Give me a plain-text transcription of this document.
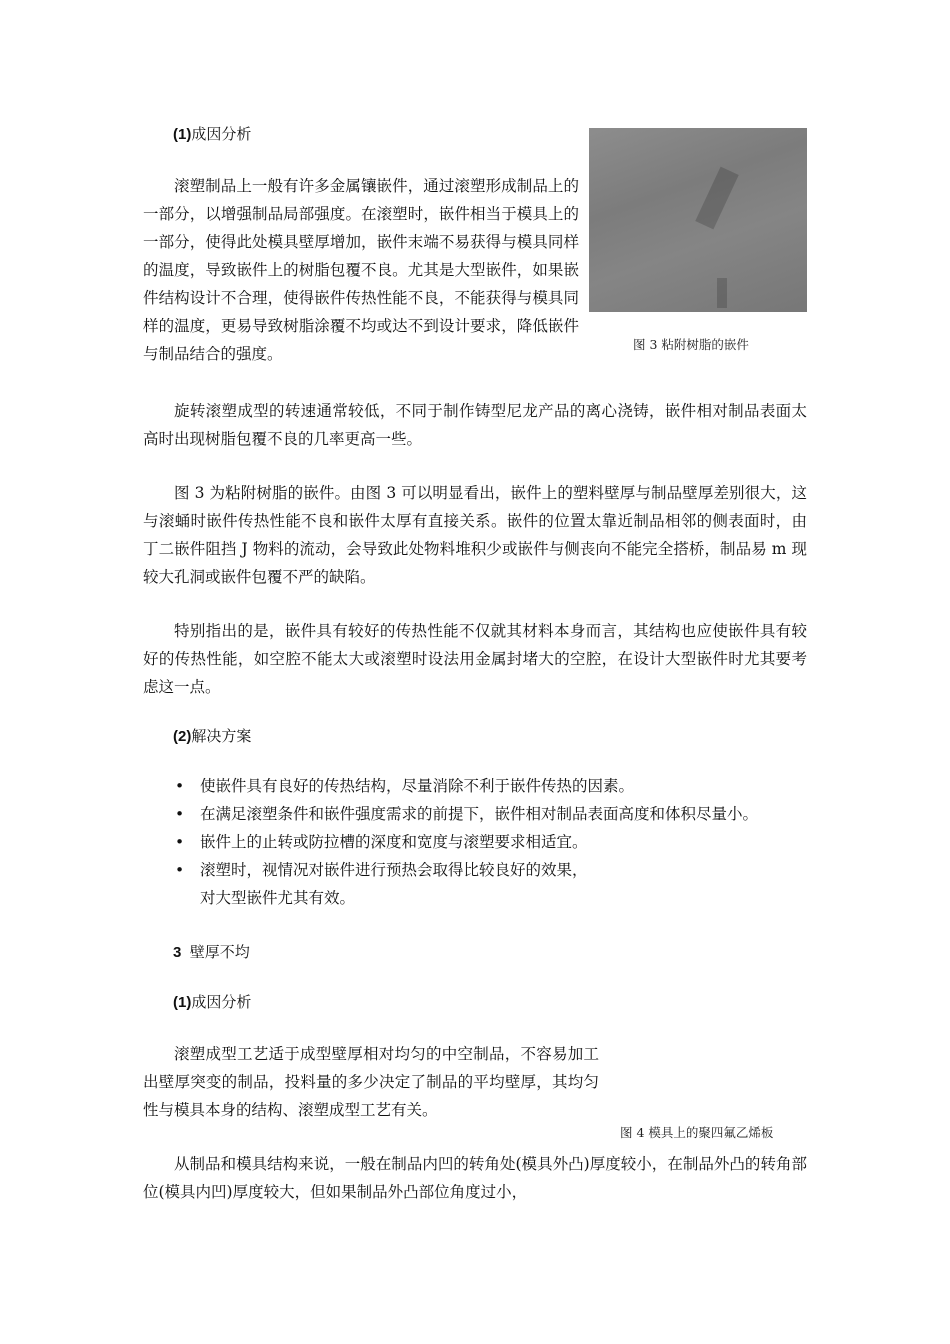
(1)成因分析

滚塑制品上一般有许多金属镶嵌件，通过滚塑形成制品上的一部分，以增强制品局部强度。在滚塑时，嵌件相当于模具上的一部分，使得此处模具壁厚增加，嵌件末端不易获得与模具同样的温度，导致嵌件上的树脂包覆不良。尤其是大型嵌件，如果嵌件结构设计不合理，使得嵌件传热性能不良，不能获得与模具同样的温度，更易导致树脂涂覆不均或达不到设计要求，降低嵌件与制品结合的强度。

图 3 粘附树脂的嵌件

旋转滚塑成型的转速通常较低，不同于制作铸型尼龙产品的离心浇铸，嵌件相对制品表面太高时出现树脂包覆不良的几率更高一些。

图 3 为粘附树脂的嵌件。由图 3 可以明显看出，嵌件上的塑料壁厚与制品壁厚差别很大，这与滚蛹时嵌件传热性能不良和嵌件太厚有直接关系。嵌件的位置太靠近制品相邻的侧表面时，由丁二嵌件阻挡 J 物料的流动，会导致此处物料堆积少或嵌件与侧丧向不能完全搭桥，制品易 m 现较大孔洞或嵌件包覆不严的缺陷。

特别指出的是，嵌件具有较好的传热性能不仅就其材料本身而言，其结构也应使嵌件具有较好的传热性能，如空腔不能太大或滚塑时设法用金属封堵大的空腔，在设计大型嵌件时尤其要考虑这一点。

(2)解决方案
• 使嵌件具有良好的传热结构，尽量消除不利于嵌件传热的因素。
• 在满足滚塑条件和嵌件强度需求的前提下，嵌件相对制品表面高度和体积尽量小。
• 嵌件上的止转或防拉槽的深度和宽度与滚塑要求相适宜。
• 滚塑时，视情况对嵌件进行预热会取得比较良好的效果，对大型嵌件尤其有效。
3 壁厚不均
(1)成因分析

滚塑成型工艺适于成型壁厚相对均匀的中空制品，不容易加工出壁厚突变的制品，投料量的多少决定了制品的平均壁厚，其均匀性与模具本身的结构、滚塑成型工艺有关。

图 4 模具上的聚四氟乙烯板

从制品和模具结构来说，一般在制品内凹的转角处(模具外凸)厚度较小，在制品外凸的转角部位(模具内凹)厚度较大，但如果制品外凸部位角度过小，
